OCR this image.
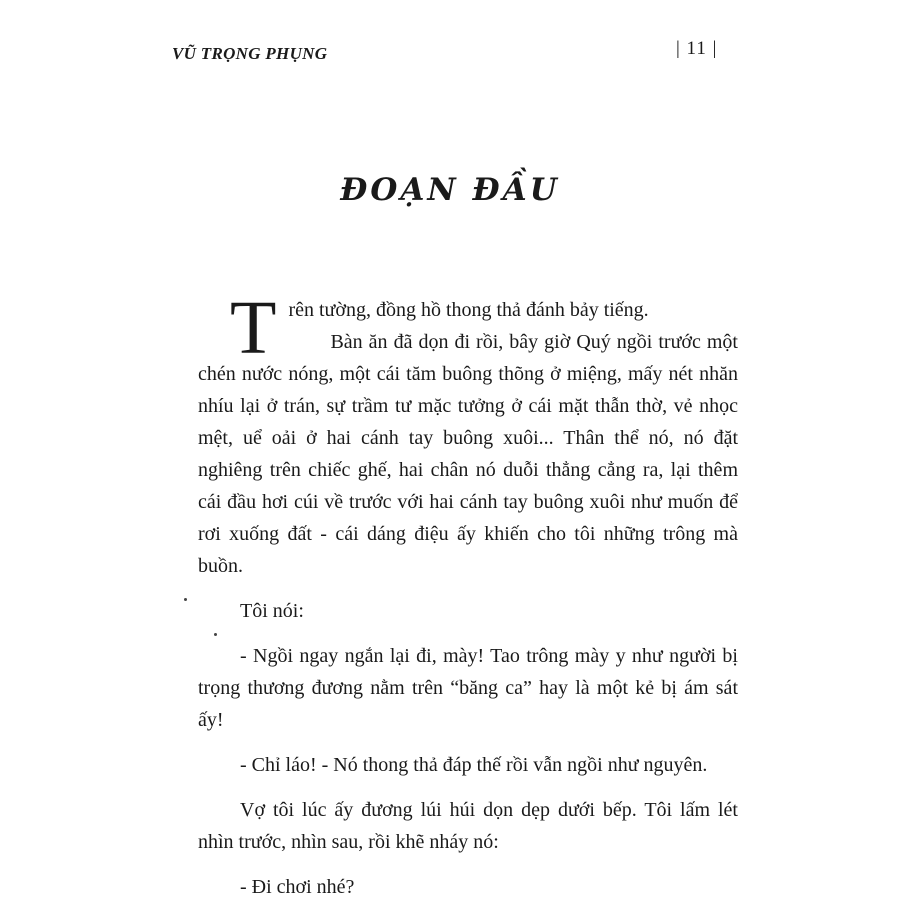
VŨ TRỌNG PHỤNG	| 11 |
ĐOẠN ĐẦU

Trên tường, đồng hồ thong thả đánh bảy tiếng.

Bàn ăn đã dọn đi rồi, bây giờ Quý ngồi trước một chén nước nóng, một cái tăm buông thõng ở miệng, mấy nét nhăn nhíu lại ở trán, sự trầm tư mặc tưởng ở cái mặt thẫn thờ, vẻ nhọc mệt, uể oải ở hai cánh tay buông xuôi... Thân thể nó, nó đặt nghiêng trên chiếc ghế, hai chân nó duỗi thẳng cẳng ra, lại thêm cái đầu hơi cúi về trước với hai cánh tay buông xuôi như muốn để rơi xuống đất - cái dáng điệu ấy khiến cho tôi những trông mà buồn.

Tôi nói:

- Ngồi ngay ngắn lại đi, mày! Tao trông mày y như người bị trọng thương đương nằm trên “băng ca” hay là một kẻ bị ám sát ấy!

- Chỉ láo! - Nó thong thả đáp thế rồi vẫn ngồi như nguyên.

Vợ tôi lúc ấy đương lúi húi dọn dẹp dưới bếp. Tôi lấm lét nhìn trước, nhìn sau, rồi khẽ nháy nó:

- Đi chơi nhé?
